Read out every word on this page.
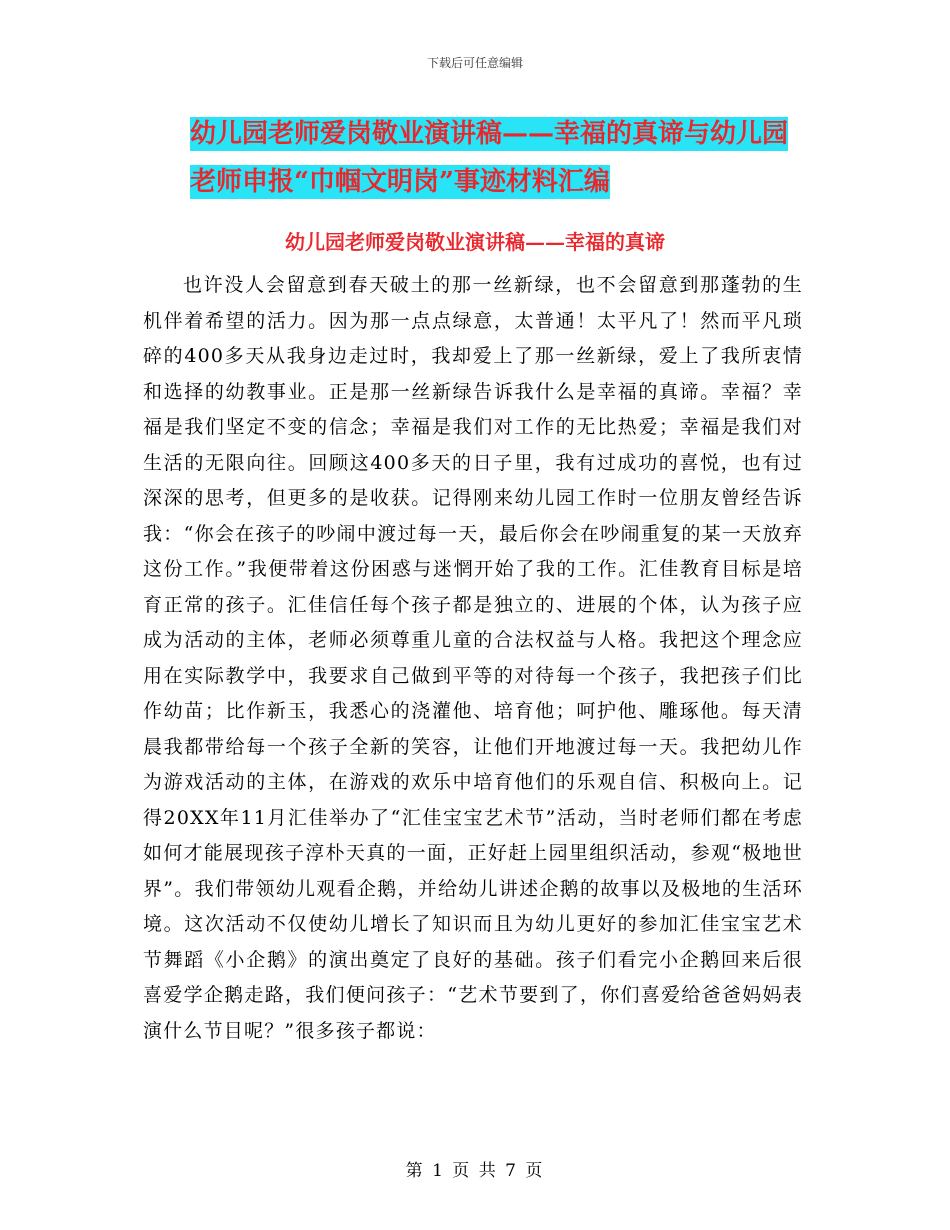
下载后可任意编辑
幼儿园老师爱岗敬业演讲稿——幸福的真谛与幼儿园
老师申报“巾帼文明岗”事迹材料汇编
幼儿园老师爱岗敬业演讲稿——幸福的真谛

也许没人会留意到春天破土的那一丝新绿，也不会留意到那蓬勃的生机伴着希望的活力。因为那一点点绿意，太普通！太平凡了！然而平凡琐碎的400多天从我身边走过时，我却爱上了那一丝新绿，爱上了我所衷情和选择的幼教事业。正是那一丝新绿告诉我什么是幸福的真谛。幸福？幸福是我们坚定不变的信念；幸福是我们对工作的无比热爱；幸福是我们对生活的无限向往。回顾这400多天的日子里，我有过成功的喜悦，也有过深深的思考，但更多的是收获。记得刚来幼儿园工作时一位朋友曾经告诉我：“你会在孩子的吵闹中渡过每一天，最后你会在吵闹重复的某一天放弃这份工作。”我便带着这份困惑与迷惘开始了我的工作。汇佳教育目标是培育正常的孩子。汇佳信任每个孩子都是独立的、进展的个体，认为孩子应成为活动的主体，老师必须尊重儿童的合法权益与人格。我把这个理念应用在实际教学中，我要求自己做到平等的对待每一个孩子，我把孩子们比作幼苗；比作新玉，我悉心的浇灌他、培育他；呵护他、雕琢他。每天清晨我都带给每一个孩子全新的笑容，让他们开地渡过每一天。我把幼儿作为游戏活动的主体，在游戏的欢乐中培育他们的乐观自信、积极向上。记得20XX年11月汇佳举办了“汇佳宝宝艺术节”活动，当时老师们都在考虑如何才能展现孩子淳朴天真的一面，正好赶上园里组织活动，参观“极地世界”。我们带领幼儿观看企鹅，并给幼儿讲述企鹅的故事以及极地的生活环境。这次活动不仅使幼儿增长了知识而且为幼儿更好的参加汇佳宝宝艺术节舞蹈《小企鹅》的演出奠定了良好的基础。孩子们看完小企鹅回来后很喜爱学企鹅走路，我们便问孩子：“艺术节要到了，你们喜爱给爸爸妈妈表演什么节目呢？”很多孩子都说：

第 1 页 共 7 页
